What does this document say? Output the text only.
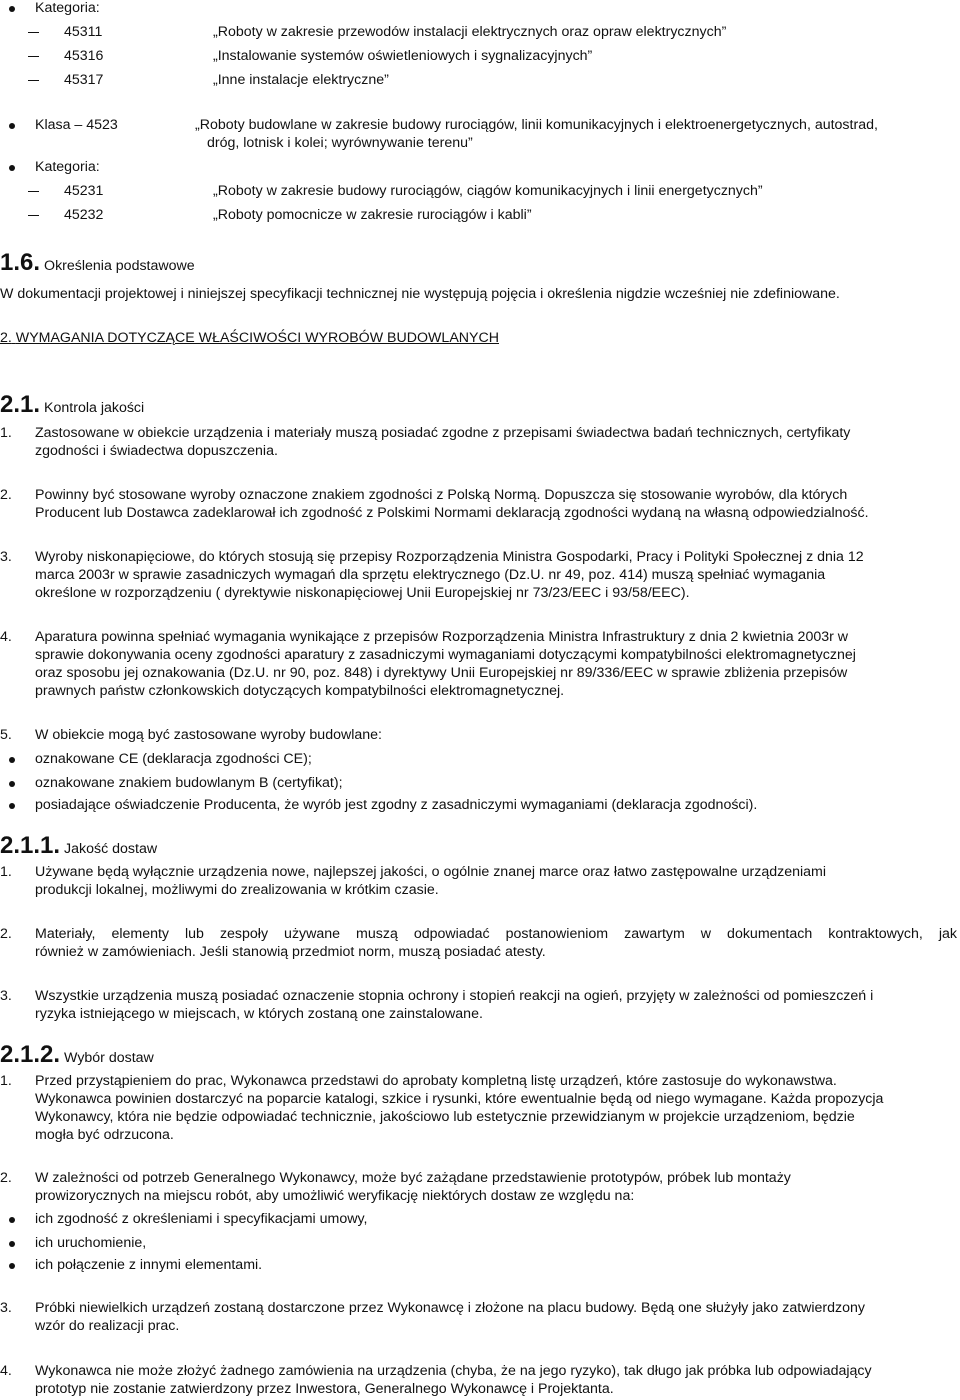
Kategoria:
45311	„Roboty w zakresie przewodów instalacji elektrycznych oraz opraw elektrycznych”
45316	„Instalowanie systemów oświetleniowych i sygnalizacyjnych”
45317	„Inne instalacje elektryczne”
Klasa – 4523	„Roboty budowlane w zakresie budowy rurociągów, linii komunikacyjnych i elektroenergetycznych, autostrad,
dróg, lotnisk i kolei; wyrównywanie terenu”
Kategoria:
45231	„Roboty w zakresie budowy rurociągów, ciągów komunikacyjnych i linii energetycznych”
45232	„Roboty pomocnicze w zakresie rurociągów i kabli”
1.6. Określenia podstawowe
W dokumentacji projektowej i niniejszej specyfikacji technicznej nie występują pojęcia i określenia nigdzie wcześniej nie zdefiniowane.
2. WYMAGANIA DOTYCZĄCE WŁAŚCIWOŚCI WYROBÓW BUDOWLANYCH
2.1. Kontrola jakości
1. Zastosowane w obiekcie urządzenia i materiały muszą posiadać zgodne z przepisami świadectwa badań technicznych, certyfikaty
zgodności i świadectwa dopuszczenia.
2. Powinny być stosowane wyroby oznaczone znakiem zgodności z Polską Normą. Dopuszcza się stosowanie wyrobów, dla których
Producent lub Dostawca zadeklarował ich zgodność z Polskimi Normami deklaracją zgodności wydaną na własną odpowiedzialność.
3. Wyroby niskonapięciowe, do których stosują się przepisy Rozporządzenia Ministra Gospodarki, Pracy i Polityki Społecznej z dnia 12
marca 2003r w sprawie zasadniczych wymagań dla sprzętu elektrycznego (Dz.U. nr 49, poz. 414) muszą spełniać wymagania
określone w rozporządzeniu ( dyrektywie niskonapięciowej Unii Europejskiej nr 73/23/EEC i 93/58/EEC).
4. Aparatura powinna spełniać wymagania wynikające z przepisów Rozporządzenia Ministra Infrastruktury z dnia 2 kwietnia 2003r w
sprawie dokonywania oceny zgodności aparatury z zasadniczymi wymaganiami dotyczącymi kompatybilności elektromagnetycznej
oraz sposobu jej oznakowania (Dz.U. nr 90, poz. 848) i dyrektywy Unii Europejskiej nr 89/336/EEC w sprawie zbliżenia przepisów
prawnych państw członkowskich dotyczących kompatybilności elektromagnetycznej.
5. W obiekcie mogą być zastosowane wyroby budowlane:
oznakowane CE (deklaracja zgodności CE);
oznakowane znakiem budowlanym B (certyfikat);
posiadające oświadczenie Producenta, że wyrób jest zgodny z zasadniczymi wymaganiami (deklaracja zgodności).
2.1.1. Jakość dostaw
1. Używane będą wyłącznie urządzenia nowe, najlepszej jakości, o ogólnie znanej marce oraz łatwo zastępowalne urządzeniami
produkcji lokalnej, możliwymi do zrealizowania w krótkim czasie.
2. Materiały, elementy lub zespoły używane muszą odpowiadać postanowieniom zawartym w dokumentach kontraktowych, jak
również w zamówieniach. Jeśli stanowią przedmiot norm, muszą posiadać atesty.
3. Wszystkie urządzenia muszą posiadać oznaczenie stopnia ochrony i stopień reakcji na ogień, przyjęty w zależności od pomieszczeń i
ryzyka istniejącego w miejscach, w których zostaną one zainstalowane.
2.1.2. Wybór dostaw
1. Przed przystąpieniem do prac, Wykonawca przedstawi do aprobaty kompletną listę urządzeń, które zastosuje do wykonawstwa.
Wykonawca powinien dostarczyć na poparcie katalogi, szkice i rysunki, które ewentualnie będą od niego wymagane. Każda propozycja
Wykonawcy, która nie będzie odpowiadać technicznie, jakościowo lub estetycznie przewidzianym w projekcie urządzeniom, będzie
mogła być odrzucona.
2. W zależności od potrzeb Generalnego Wykonawcy, może być zażądane przedstawienie prototypów, próbek lub montaży
prowizorycznych na miejscu robót, aby umożliwić weryfikację niektórych dostaw ze względu na:
ich zgodność z określeniami i specyfikacjami umowy,
ich uruchomienie,
ich połączenie z innymi elementami.
3. Próbki niewielkich urządzeń zostaną dostarczone przez Wykonawcę i złożone na placu budowy. Będą one służyły jako zatwierdzony
wzór do realizacji prac.
4. Wykonawca nie może złożyć żadnego zamówienia na urządzenia (chyba, że na jego ryzyko), tak długo jak próbka lub odpowiadający
prototyp nie zostanie zatwierdzony przez Inwestora, Generalnego Wykonawcę i Projektanta.
